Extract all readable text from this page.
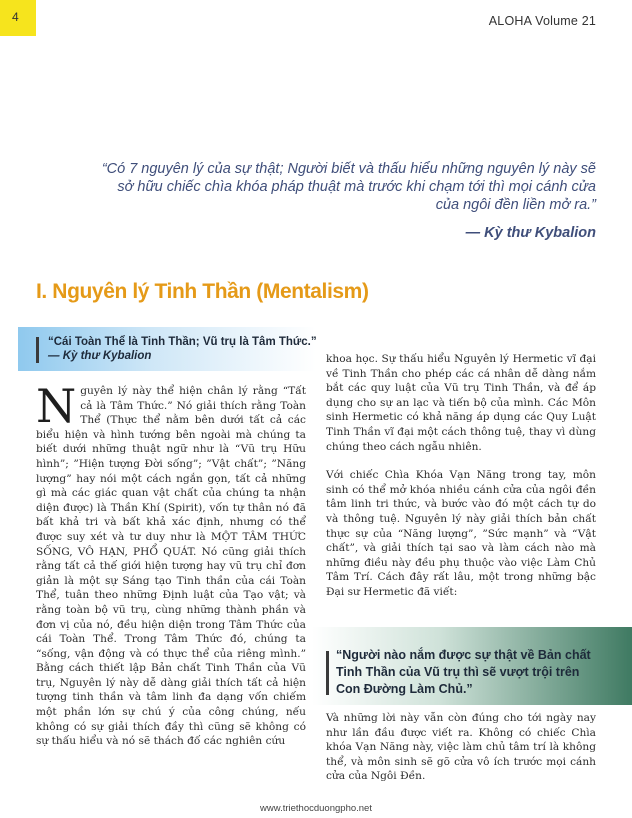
4	ALOHA Volume 21
“Có 7 nguyên lý của sự thật; Người biết và thấu hiểu những nguyên lý này sẽ sở hữu chiếc chìa khóa pháp thuật mà trước khi chạm tới thì mọi cánh cửa của ngôi đền liền mở ra.”
— Kỳ thư Kybalion
I. Nguyên lý Tinh Thần (Mentalism)
“Cái Toàn Thể là Tinh Thần; Vũ trụ là Tâm Thức.” — Kỳ thư Kybalion
N guyên lý này thể hiện chân lý rằng “Tất cả là Tâm Thức.” Nó giải thích rằng Toàn Thể (Thực thể nằm bên dưới tất cả các biểu hiện và hình tướng bên ngoài mà chúng ta biết dưới những thuật ngữ như là “Vũ trụ Hữu hình”; ”Hiện tượng Đời sống”; ”Vật chất”; ”Năng lượng” hay nói một cách ngắn gọn, tất cả những gì mà các giác quan vật chất của chúng ta nhận diện được) là Thần Khí (Spirit), vốn tự thân nó đã bất khả tri và bất khả xác định, nhưng có thể được suy xét và tư duy như là MỘT TÂM THỨC SỐNG, VÔ HẠN, PHỔ QUÁT. Nó cũng giải thích rằng tất cả thế giới hiện tượng hay vũ trụ chỉ đơn giản là một sự Sáng tạo Tinh thần của cái Toàn Thể, tuân theo những Định luật của Tạo vật; và rằng toàn bộ vũ trụ, cùng những thành phần và đơn vị của nó, đều hiện diện trong Tâm Thức của cái Toàn Thể. Trong Tâm Thức đó, chúng ta “sống, vận động và có thực thể của riêng mình.” Bằng cách thiết lập Bản chất Tinh Thần của Vũ trụ, Nguyên lý này dễ dàng giải thích tất cả hiện tượng tinh thần và tâm linh đa dạng vốn chiếm một phần lớn sự chú ý của công chúng, nếu không có sự giải thích đầy thì cũng sẽ không có sự thấu hiểu và nó sẽ thách đố các nghiên cứu

khoa học. Sự thấu hiểu Nguyên lý Hermetic vĩ đại về Tinh Thần cho phép các cá nhân dễ dàng nắm bắt các quy luật của Vũ trụ Tinh Thần, và để áp dụng cho sự an lạc và tiến bộ của mình. Các Môn sinh Hermetic có khả năng áp dụng các Quy Luật Tinh Thần vĩ đại một cách thông tuệ, thay vì dùng chúng theo cách ngẫu nhiên.

Với chiếc Chìa Khóa Vạn Năng trong tay, môn sinh có thể mở khóa nhiều cánh cửa của ngôi đền tâm linh tri thức, và bước vào đó một cách tự do và thông tuệ. Nguyên lý này giải thích bản chất thực sự của “Năng lượng”, ”Sức mạnh” và “Vật chất”, và giải thích tại sao và làm cách nào mà những điều này đều phụ thuộc vào việc Làm Chủ Tâm Trí. Cách đây rất lâu, một trong những bậc Đại sư Hermetic đã viết:

“Người nào nắm được sự thật về Bản chất Tinh Thần của Vũ trụ thì sẽ vượt trội trên Con Đường Làm Chủ.”
Và những lời này vẫn còn đúng cho tới ngày nay như lần đầu được viết ra. Không có chiếc Chìa khóa Vạn Năng này, việc làm chủ tâm trí là không thể, và môn sinh sẽ gõ cửa vô ích trước mọi cánh cửa của Ngôi Đền.
www.triethocduongpho.net
